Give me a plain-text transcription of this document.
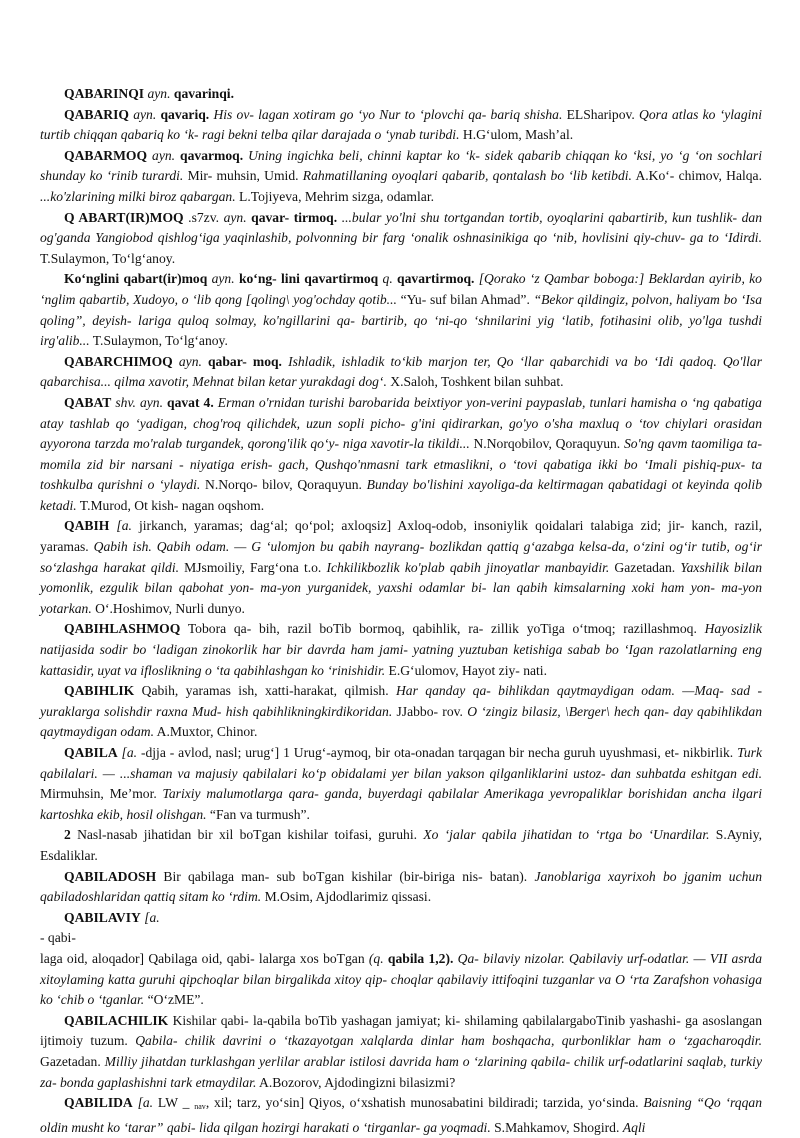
QABARINQI ayn. qavarinqi.

QABARIQ ayn. qavariq. His ov- lagan xotiram go ‘yo Nur to ‘plovchi qa- bariq shisha. ELSharipov. Qora atlas ko ‘ylagini turtib chiqqan qabariq ko ‘k- ragi bekni telba qilar darajada o ‘ynab turibdi. H.G‘ulom, Mash’al.

QABARMOQ ayn. qavarmoq. Uning ingichka beli, chinni kaptar ko ‘k- sidek qabarib chiqqan ko ‘ksi, yo ‘g ‘on sochlari shunday ko ‘rinib turardi. Mir- muhsin, Umid. Rahmatillaning oyoqlari qabarib, qontalash bo ‘lib ketibdi. A.Ko‘- chimov, Halqa. ...ko'zlarining milki biroz qabargan. L.Tojiyeva, Mehrim sizga, odamlar.

Q ABART(IR)MOQ .s7zv. ayn. qavar- tirmoq. ...bular yo'lni shu tortgandan tortib, oyoqlarini qabartirib, kun tushlik- dan og'ganda Yangiobod qishlog‘iga yaqinlashib, polvonning bir farg ‘onalik oshnasinikiga qo ‘nib, hovlisini qiy-chuv- ga to ‘Idirdi. T.Sulaymon, To‘lg‘anoy.

Ko‘nglini qabart(ir)moq ayn. ko‘ng- lini qavartirmoq q. qavartirmoq. [Qorako ‘z Qambar boboga:] Beklardan ayirib, ko ‘nglim qabartib, Xudoyo, o ‘lib qong [qoling\ yog'ochday qotib... “Yu- suf bilan Ahmad”. “Bekor qildingiz, polvon, haliyam bo ‘Isa qoling”, deyish- lariga quloq solmay, ko'ngillarini qa- bartirib, qo ‘ni-qo ‘shnilarini yig ‘latib, fotihasini olib, yo'lga tushdi irg'alib... T.Sulaymon, To‘lg‘anoy.

QABARCHIMOQ ayn. qabar- moq. Ishladik, ishladik to‘kib marjon ter, Qo ‘llar qabarchidi va bo ‘Idi qadoq. Qo'llar qabarchisa... qilma xavotir, Mehnat bilan ketar yurakdagi dog‘. X.Saloh, Toshkent bilan suhbat.

QABAT shv. ayn. qavat 4. Erman o'rnidan turishi barobarida beixtiyor yon-verini paypaslab, tunlari hamisha o ‘ng qabatiga atay tashlab qo ‘yadigan, chog'roq qilichdek, uzun sopli picho- g'ini qidirarkan, go'yo o'sha maxluq o ‘tov chiylari orasidan ayyorona tarzda mo'ralab turgandek, qorong'ilik qo‘y- niga xavotir-la tikildi... N.Norqobilov, Qoraquyun. So'ng qavm taomiliga ta- momila zid bir narsani - niyatiga erish- gach, Qushqo'nmasni tark etmaslikni, o ‘tovi qabatiga ikki bo ‘Imali pishiq-pux- ta toshkulba qurishni o ‘ylaydi. N.Norqo- bilov, Qoraquyun. Bunday bo'lishini xayoliga-da keltirmagan qabatidagi ot keyinda qolib ketadi. T.Murod, Ot kish- nagan oqshom.

QABIH [a. jirkanch, yaramas; dag‘al; qo‘pol; axloqsiz] Axloq-odob, insoniylik qoidalari talabiga zid; jir- kanch, razil, yaramas. Qabih ish. Qabih odam. — G ‘ulomjon bu qabih nayrang- bozlikdan qattiq g‘azabga kelsa-da, o‘zini og‘ir tutib, og‘ir so‘zlashga harakat qildi. MJsmoiliy, Farg‘ona t.o. Ichkilikbozlik ko'plab qabih jinoyatlar manbayidir. Gazetadan. Yaxshilik bilan yomonlik, ezgulik bilan qabohat yon- ma-yon yurganidek, yaxshi odamlar bi- lan qabih kimsalarning xoki ham yon- ma-yon yotarkan. O‘.Hoshimov, Nurli dunyo.

QABIHLASHMOQ Tobora qa- bih, razil boTib bormoq, qabihlik, ra- zillik yoTiga o‘tmoq; razillashmoq. Hayosizlik natijasida sodir bo ‘ladigan zinokorlik har bir davrda ham jami- yatning yuztuban ketishiga sabab bo ‘Igan razolatlarning eng kattasidir, uyat va iflosliknіng o ‘ta qabihlashgan ko ‘rinishidir. E.G‘ulomov, Hayot ziy- nati.

QABIHLIK Qabih, yaramas ish, xatti-harakat, qilmish. Har qanday qa- bihlikdan qaytmaydigan odam. —Maq- sad - yuraklarga solishdir raxna Mud- hish qabihlikningkirdikoridan. JJabbo- rov. O ‘zingiz bilasiz, \Berger\ hech qan- day qabihlikdan qaytmaydigan odam. A.Muxtor, Chinor.

QABILA [a. -djja - avlod, nasl; urug‘] 1 Urug‘-aymoq, bir ota-onadan tarqagan bir necha guruh uyushmasi, et- nikbirlik. Turk qabilalari. — ...shaman va majusiy qabilalari ko‘p obidalami yer bilan yakson qilganliklarini ustoz- dan suhbatda eshitgan edi. Mirmuhsin, Me’mor. Tarixiy malumotlarga qara- ganda, buyerdagi qabilalar Amerikaga yevropaliklar borishidan ancha ilgari kartoshka ekib, hosil olishgan. “Fan va turmush”.

2 Nasl-nasab jihatidan bir xil boTgan kishilar toifasi, guruhi. Xo ‘jalar qabila jihatidan to ‘rtga bo ‘Unardilar. S.Ayniy, Esdaliklar.

QABILADOSH Bir qabilaga man- sub boTgan kishilar (bir-biriga nis- batan). Janoblariga xayrixoh bo jganim uchun qabiladoshlaridan qattiq sitam ko ‘rdim. M.Osim, Ajdodlarimiz qissasi.

QABILAVIY [a.
- qabi-
laga oid, aloqador] Qabilaga oid, qabi- lalarga xos boTgan (q. qabila 1,2). Qa- bilaviy nizolar. Qabilaviy urf-odatlar. — VII asrda xitoylaming katta guruhi qipchoqlar bilan birgalikda xitoy qip- choqlar qabilaviy ittifoqini tuzganlar va O ‘rta Zarafshon vohasiga ko ‘chib o ‘tganlar. “O‘zME”.

QABILACHILIK Kishilar qabi- la-qabila boTib yashagan jamiyat; ki- shilaming qabilalargaboTinib yashashi- ga asoslangan ijtimoiy tuzum. Qabila- chilik davrini o ‘tkazayotgan xalqlarda dinlar ham boshqacha, qurbonliklar ham o ‘zgacharoqdir. Gazetadan. Milliy jihatdan turklashgan yerlilar arablar istilosi davrida ham o ‘zlarining qabila- chilik urf-odatlarini saqlab, turkiy za- bonda gaplashishni tark etmaydilar. A.Bozorov, Ajdodingizni bilasizmi?

QABILIDA [a. LW _ $_{nav}$, xil; tarz, yo‘sin] Qiyos, o‘xshatish munosabatini bildiradi; tarzida, yo‘sinda. Baisning “Qo ‘rqqan oldin musht ko ‘tarar” qabi- lida qilgan hozirgi harakati o ‘tirganlar- ga yoqmadi. S.Mahkamov, Shogird. Aqli
